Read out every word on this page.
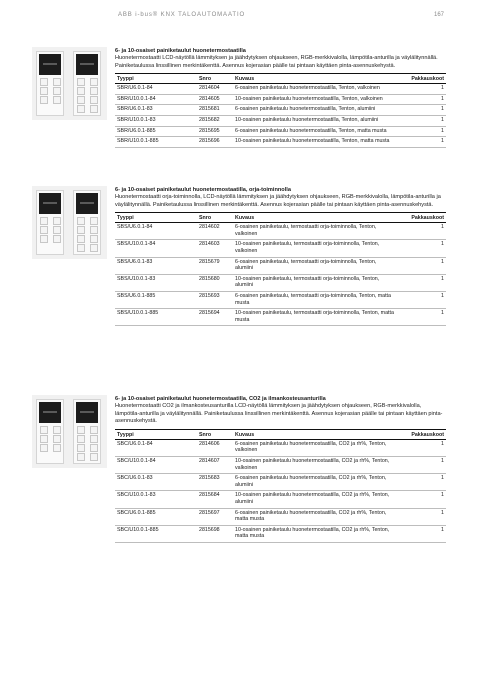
ABB i-bus® KNX TALOAUTOMAATIO	167
6- ja 10-osaiset painiketaulut huonetermostaatilla
Huonetermostaatti LCD-näytöllä lämmityksen ja jäähdytyksen ohjaukseen, RGB-merkkivalolla, lämpötila-anturilla ja väylälitynnällä. Painiketaulussa linssillinen merkintäkenttä. Asennus kojerasian päälle tai pintaan käyttäen pinta-asennuskehystä.
Tyyppi	Snro	Kuvaus	Pakkauskoot
SBR/U6.0.1-84	2814604	6-osainen painiketaulu huonetermostaatilla, Tenton, valkoinen	1
SBR/U10.0.1-84	2814605	10-osainen painiketaulu huonetermostaatilla, Tenton, valkoinen	1
SBR/U6.0.1-83	2815681	6-osainen painiketaulu huonetermostaatilla, Tenton, alumiini	1
SBR/U10.0.1-83	2815682	10-osainen painiketaulu huonetermostaatilla, Tenton, alumiini	1
SBR/U6.0.1-885	2815695	6-osainen painiketaulu huonetermostaatilla, Tenton, matta musta	1
SBR/U10.0.1-885	2815696	10-osainen painiketaulu huonetermostaatilla, Tenton, matta musta	1
6- ja 10-osaiset painiketaulut huonetermostaatilla, orja-toiminnolla
Huonetermostaatti orja-toiminnolla, LCD-näytöllä lämmityksen ja jäähdytyksen ohjaukseen, RGB-merkkivalolla, lämpötila-anturilla ja väylälitynnällä. Painiketaulussa linssillinen merkintäkenttä. Asennus kojerasian päälle tai pintaan käyttäen pinta-asennuskehystä.
Tyyppi	Snro	Kuvaus	Pakkauskoot
SBS/U6.0.1-84	2814602	6-osainen painiketaulu, termostaatti orja-toiminnolla, Tenton, valkoinen	1
SBS/U10.0.1-84	2814603	10-osainen painiketaulu, termostaatti orja-toiminnolla, Tenton, valkoinen	1
SBS/U6.0.1-83	2815679	6-osainen painiketaulu, termostaatti orja-toiminnolla, Tenton, alumiini	1
SBS/U10.0.1-83	2815680	10-osainen painiketaulu, termostaatti orja-toiminnolla, Tenton, alumiini	1
SBS/U6.0.1-885	2815693	6-osainen painiketaulu, termostaatti orja-toiminnolla, Tenton, matta musta	1
SBS/U10.0.1-885	2815694	10-osainen painiketaulu, termostaatti orja-toiminnolla, Tenton, matta musta	1
6- ja 10-osaiset painiketaulut huonetermostaatilla, CO2 ja ilmankosteusanturilla
Huonetermostaatti CO2 ja ilmankosteusanturilla LCD-näytöllä lämmityksen ja jäähdytyksen ohjaukseen, RGB-merkkivalolla, lämpötila-anturilla ja väylälitynnällä. Painiketaulussa linssillinen merkintäkenttä. Asennus kojerasian päälle tai pintaan käyttäen pinta-asennuskehystä.
Tyyppi	Snro	Kuvaus	Pakkauskoot
SBC/U6.0.1-84	2814606	6-osainen painiketaulu huonetermostaatilla, CO2 ja rh%, Tenton, valkoinen	1
SBC/U10.0.1-84	2814607	10-osainen painiketaulu huonetermostaatilla, CO2 ja rh%, Tenton, valkoinen	1
SBC/U6.0.1-83	2815683	6-osainen painiketaulu huonetermostaatilla, CO2 ja rh%, Tenton, alumiini	1
SBC/U10.0.1-83	2815684	10-osainen painiketaulu huonetermostaatilla, CO2 ja rh%, Tenton, alumiini	1
SBC/U6.0.1-885	2815697	6-osainen painiketaulu huonetermostaatilla, CO2 ja rh%, Tenton, matta musta	1
SBC/U10.0.1-885	2815698	10-osainen painiketaulu huonetermostaatilla, CO2 ja rh%, Tenton, matta musta	1
